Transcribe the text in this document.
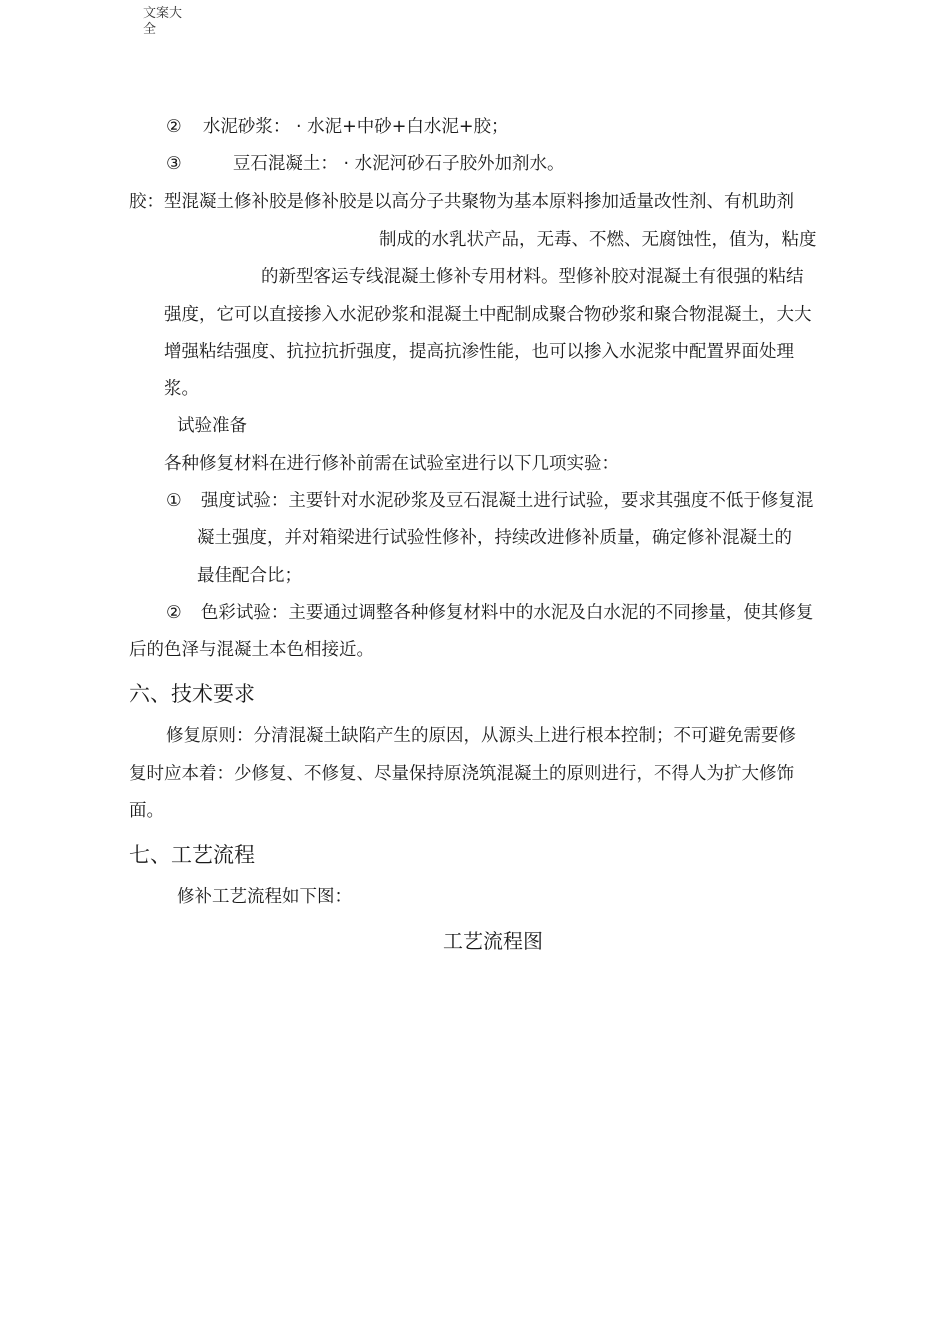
文案大全
② 水泥砂浆： · 水泥+中砂+白水泥+胶；
③	豆石混凝土： · 水泥河砂石子胶外加剂水。
胶：型混凝土修补胶是修补胶是以高分子共聚物为基本原料掺加适量改性剂、有机助剂
制成的水乳状产品，无毒、不燃、无腐蚀性，值为，粘度
的新型客运专线混凝土修补专用材料。型修补胶对混凝土有很强的粘结
强度，它可以直接掺入水泥砂浆和混凝土中配制成聚合物砂浆和聚合物混凝土，大大
增强粘结强度、抗拉抗折强度，提高抗渗性能，也可以掺入水泥浆中配置界面处理
浆。
试验准备
各种修复材料在进行修补前需在试验室进行以下几项实验：
① 强度试验：主要针对水泥砂浆及豆石混凝土进行试验，要求其强度不低于修复混
凝土强度，并对箱梁进行试验性修补，持续改进修补质量，确定修补混凝土的
最佳配合比；
② 色彩试验：主要通过调整各种修复材料中的水泥及白水泥的不同掺量，使其修复
后的色泽与混凝土本色相接近。
六、技术要求
修复原则：分清混凝土缺陷产生的原因，从源头上进行根本控制；不可避免需要修
复时应本着：少修复、不修复、尽量保持原浇筑混凝土的原则进行，不得人为扩大修饰
面。
七、工艺流程
修补工艺流程如下图：
工艺流程图
